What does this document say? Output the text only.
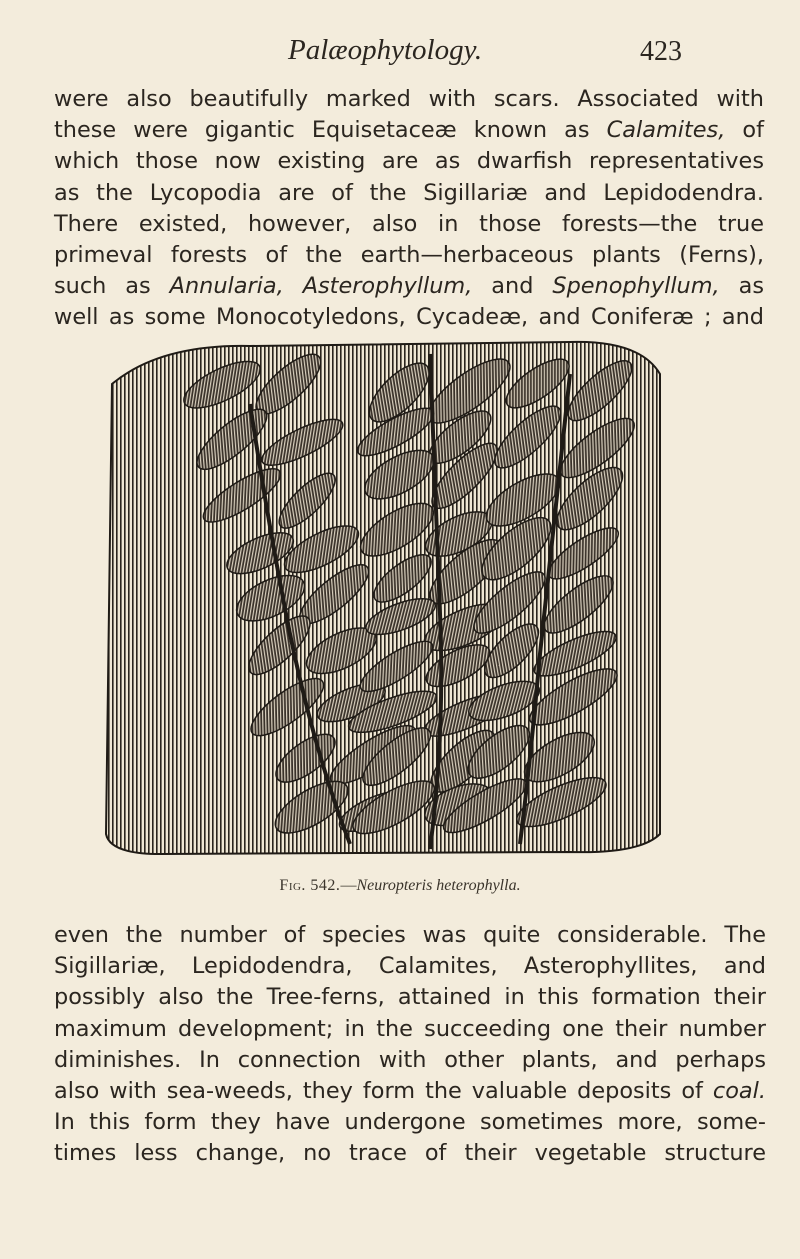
Palæophytology.	423
were also beautifully marked with scars. Associated with
these were gigantic Equisetaceæ known as Calamites, of
which those now existing are as dwarfish representatives
as the Lycopodia are of the Sigillariæ and Lepidodendra.
There existed, however, also in those forests—the true
primeval forests of the earth—herbaceous plants (Ferns),
such as Annularia, Asterophyllum, and Spenophyllum, as
well as some Monocotyledons, Cycadeæ, and Coniferæ ; and
Fig. 542.—Neuropteris heterophylla.
even the number of species was quite considerable. The
Sigillariæ, Lepidodendra, Calamites, Asterophyllites, and
possibly also the Tree-ferns, attained in this formation their
maximum development; in the succeeding one their number
diminishes. In connection with other plants, and perhaps
also with sea-weeds, they form the valuable deposits of coal.
In this form they have undergone sometimes more, some-
times less change, no trace of their vegetable structure
